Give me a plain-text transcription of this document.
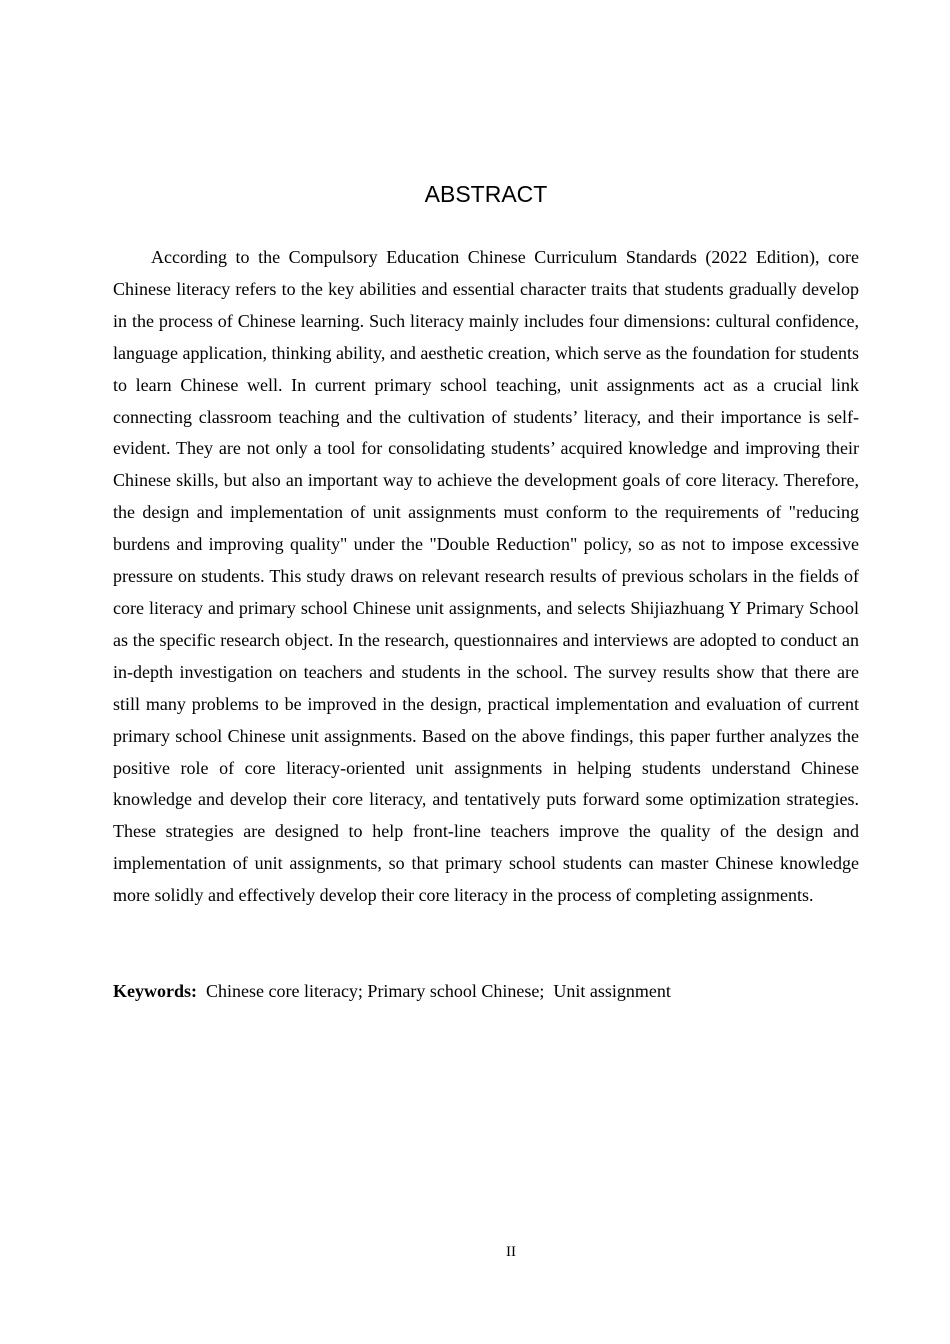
ABSTRACT

According to the Compulsory Education Chinese Curriculum Standards (2022 Edition), core Chinese literacy refers to the key abilities and essential character traits that students gradually develop in the process of Chinese learning. Such literacy mainly includes four dimensions: cultural confidence, language application, thinking ability, and aesthetic creation, which serve as the foundation for students to learn Chinese well. In current primary school teaching, unit assignments act as a crucial link connecting classroom teaching and the cultivation of students’ literacy, and their importance is self-evident. They are not only a tool for consolidating students’ acquired knowledge and improving their Chinese skills, but also an important way to achieve the development goals of core literacy. Therefore, the design and implementation of unit assignments must conform to the requirements of "reducing burdens and improving quality" under the "Double Reduction" policy, so as not to impose excessive pressure on students. This study draws on relevant research results of previous scholars in the fields of core literacy and primary school Chinese unit assignments, and selects Shijiazhuang Y Primary School as the specific research object. In the research, questionnaires and interviews are adopted to conduct an in-depth investigation on teachers and students in the school. The survey results show that there are still many problems to be improved in the design, practical implementation and evaluation of current primary school Chinese unit assignments. Based on the above findings, this paper further analyzes the positive role of core literacy-oriented unit assignments in helping students understand Chinese knowledge and develop their core literacy, and tentatively puts forward some optimization strategies. These strategies are designed to help front-line teachers improve the quality of the design and implementation of unit assignments, so that primary school students can master Chinese knowledge more solidly and effectively develop their core literacy in the process of completing assignments.

Keywords:  Chinese core literacy; Primary school Chinese;  Unit assignment

II
